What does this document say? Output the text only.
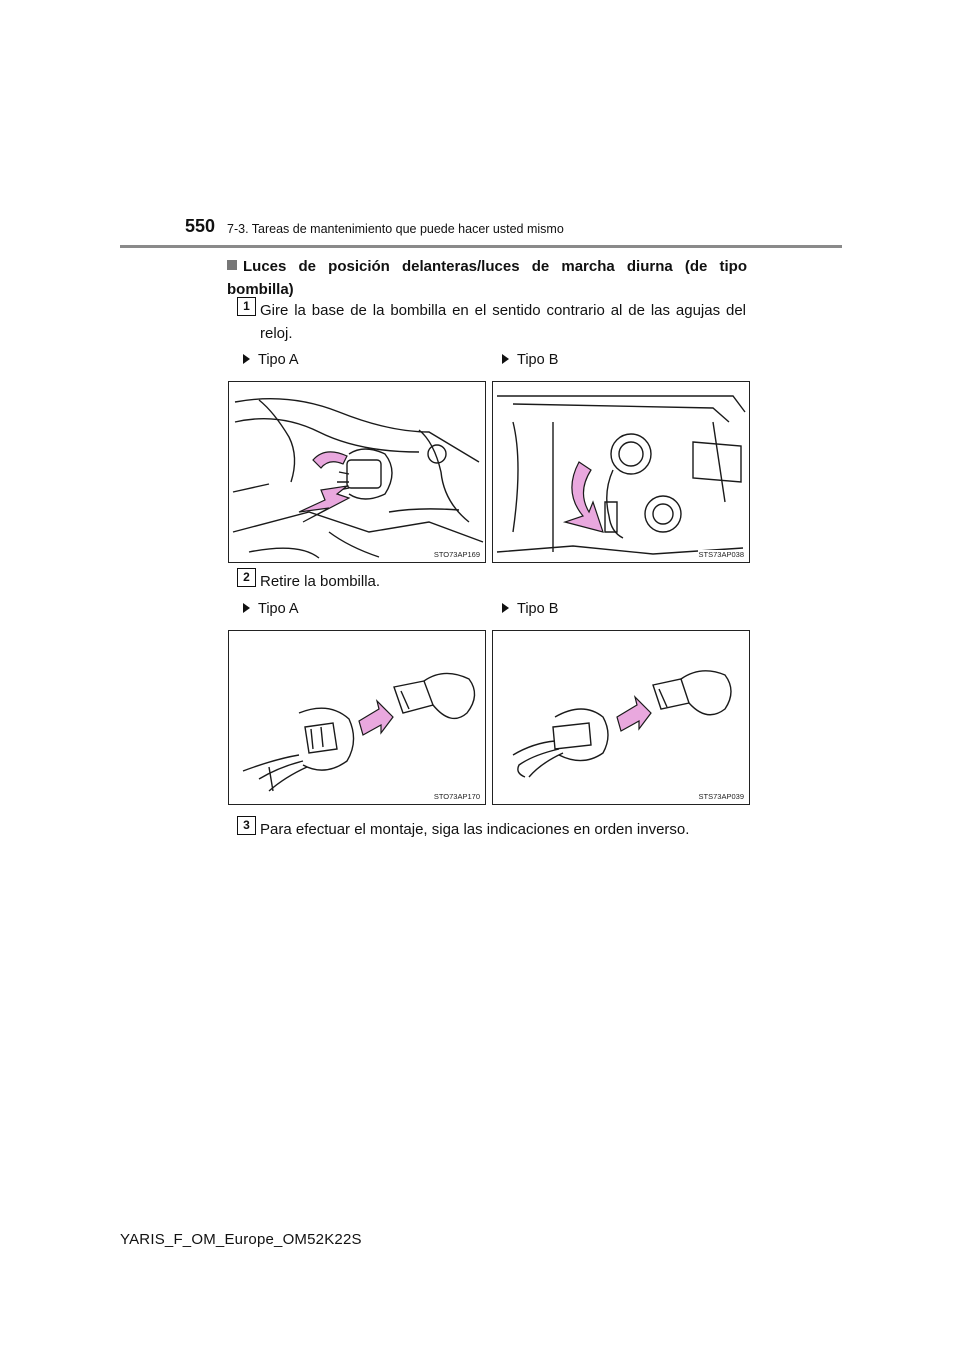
550 7-3. Tareas de mantenimiento que puede hacer usted mismo
Luces de posición delanteras/luces de marcha diurna (de tipo
bombilla)
1 Gire la base de la bombilla en el sentido contrario al de las agujas del
reloj.
Tipo A	Tipo B
STO73AP169	STS73AP038
2 Retire la bombilla.
Tipo A	Tipo B
STO73AP170	STS73AP039
3 Para efectuar el montaje, siga las indicaciones en orden inverso.
YARIS_F_OM_Europe_OM52K22S
